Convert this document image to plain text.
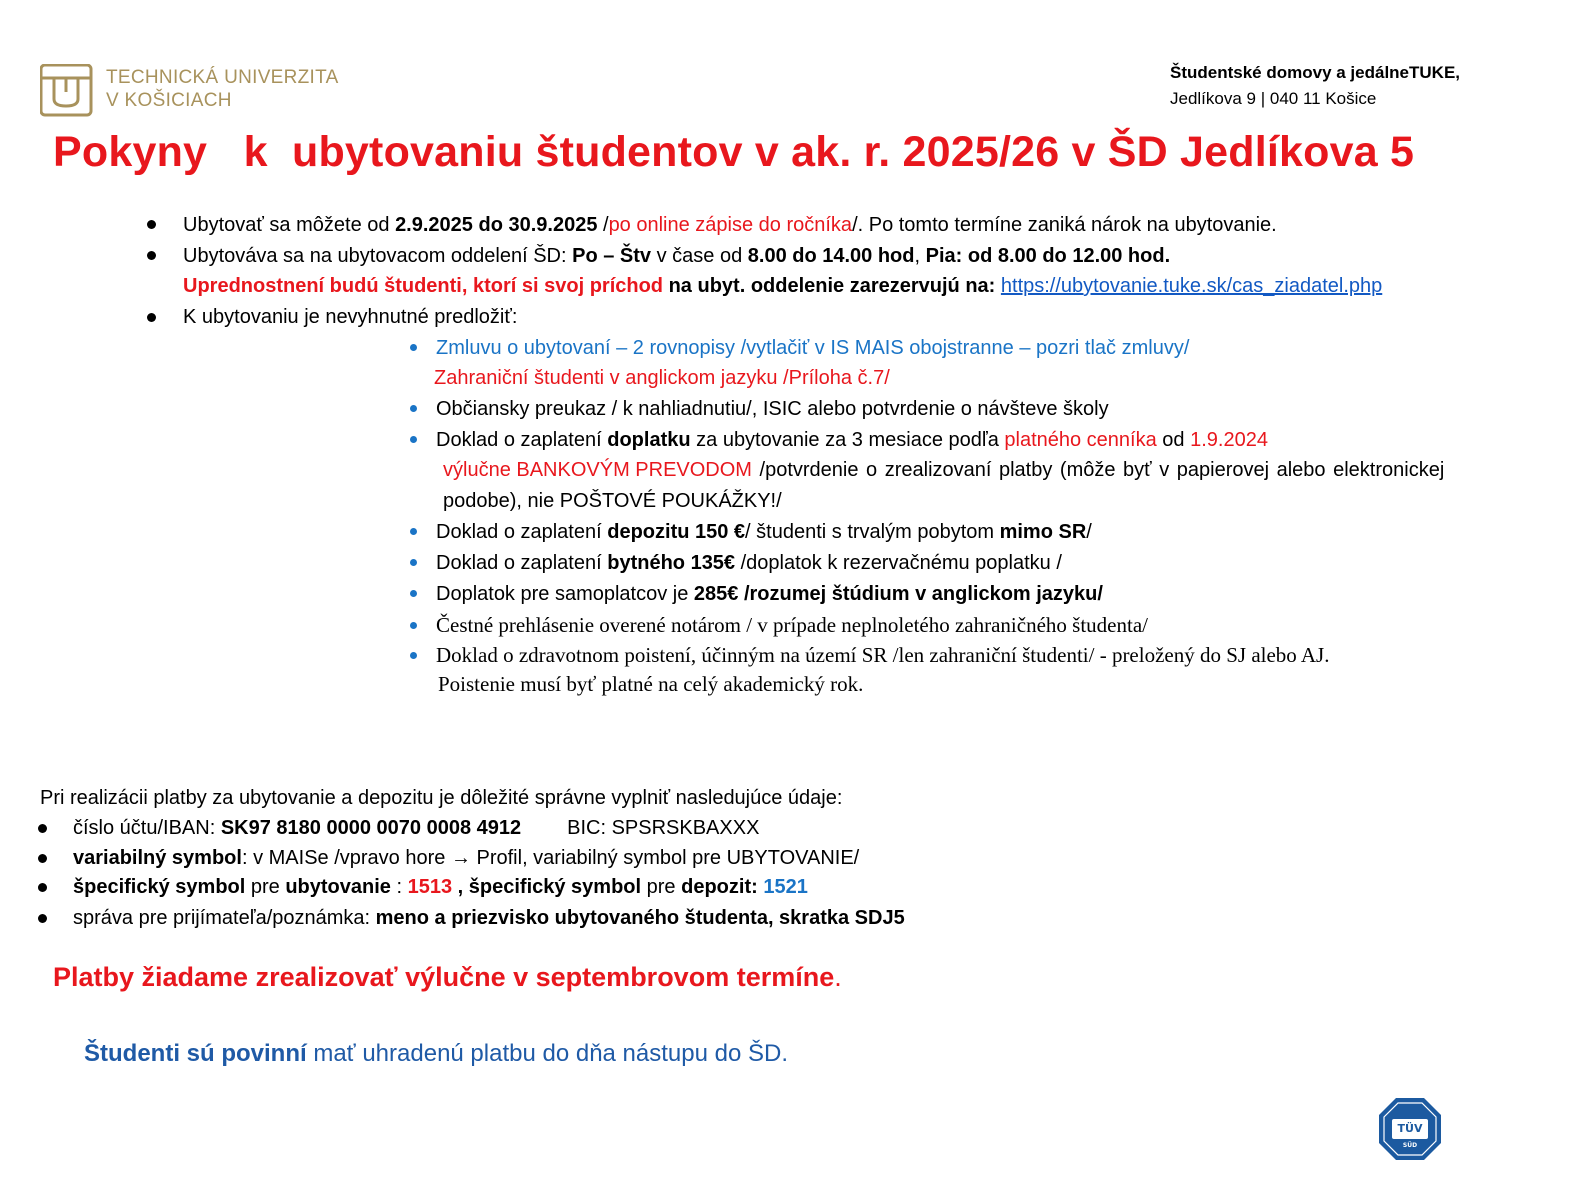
TECHNICKÁ UNIVERZITA
V KOŠICIACH
Študentské domovy a jedálneTUKE,
Jedlíkova 9 | 040 11 Košice
Pokyny   k  ubytovaniu študentov v ak. r. 2025/26 v ŠD Jedlíkova 5
Ubytovať sa môžete od 2.9.2025 do 30.9.2025 /po online zápise do ročníka/. Po tomto termíne zaniká nárok na ubytovanie.
Ubytováva sa na ubytovacom oddelení ŠD: Po – Štv v čase od 8.00 do 14.00 hod, Pia: od 8.00 do 12.00 hod.
Uprednostnení budú študenti, ktorí si svoj príchod na ubyt. oddelenie zarezervujú na: https://ubytovanie.tuke.sk/cas_ziadatel.php
K ubytovaniu je nevyhnutné predložiť:
Zmluvu o ubytovaní – 2 rovnopisy /vytlačiť v IS MAIS obojstranne – pozri tlač zmluvy/
Zahraniční študenti v anglickom jazyku /Príloha č.7/
Občiansky preukaz / k nahliadnutiu/, ISIC alebo potvrdenie o návšteve školy
Doklad o zaplatení doplatku za ubytovanie za 3 mesiace podľa platného cenníka od 1.9.2024
výlučne BANKOVÝM PREVODOM /potvrdenie o zrealizovaní platby (môže byť v papierovej alebo elektronickej
podobe), nie POŠTOVÉ POUKÁŽKY!/
Doklad o zaplatení depozitu 150 €/ študenti s trvalým pobytom mimo SR/
Doklad o zaplatení bytného 135€ /doplatok k rezervačnému poplatku /
Doplatok pre samoplatcov je 285€ /rozumej štúdium v anglickom jazyku/
Čestné prehlásenie overené notárom / v prípade neplnoletého zahraničného študenta/
Doklad o zdravotnom poistení, účinným na území SR /len zahraniční študenti/ - preložený do SJ alebo AJ.
Poistenie musí byť platné na celý akademický rok.
Pri realizácii platby za ubytovanie a depozitu je dôležité správne vyplniť nasledujúce údaje:
číslo účtu/IBAN: SK97 8180 0000 0070 0008 4912 BIC: SPSRSKBAXXX
variabilný symbol: v MAISe /vpravo hore → Profil, variabilný symbol pre UBYTOVANIE/
špecifický symbol pre ubytovanie : 1513 , špecifický symbol pre depozit: 1521
správa pre prijímateľa/poznámka: meno a priezvisko ubytovaného študenta, skratka SDJ5
Platby žiadame zrealizovať výlučne v septembrovom termíne.
Študenti sú povinní mať uhradenú platbu do dňa nástupu do ŠD.
TÜV
SÜD
